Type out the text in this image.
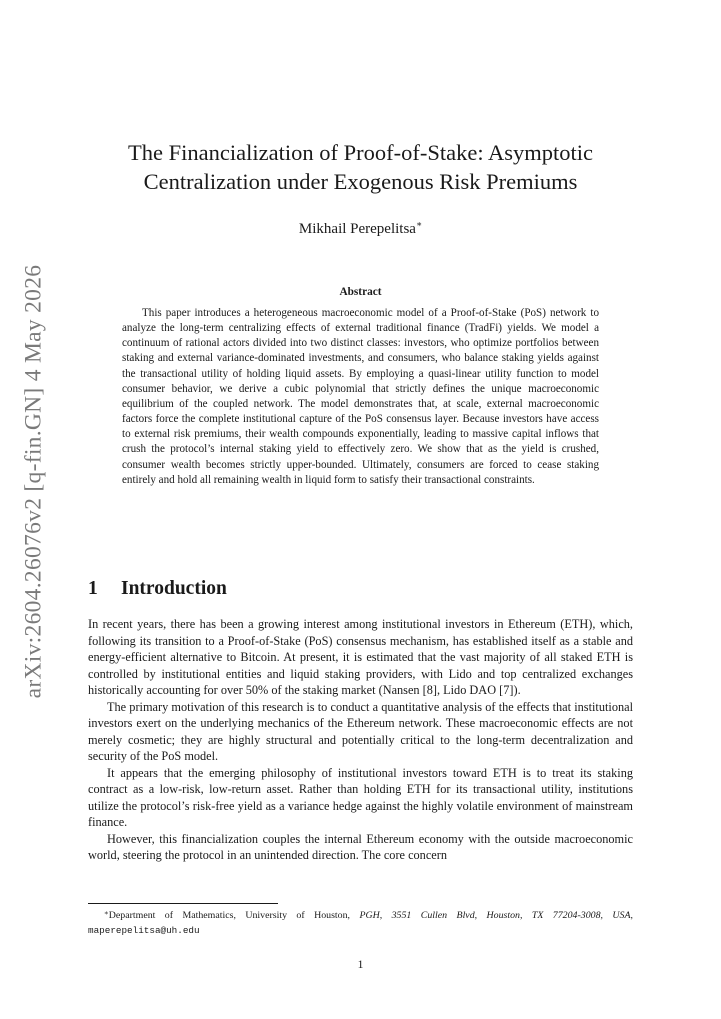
arXiv:2604.26076v2 [q-fin.GN] 4 May 2026
The Financialization of Proof-of-Stake: Asymptotic
Centralization under Exogenous Risk Premiums
Mikhail Perepelitsa∗
Abstract

This paper introduces a heterogeneous macroeconomic model of a Proof-of-Stake (PoS) network to analyze the long-term centralizing effects of external traditional finance (TradFi) yields. We model a continuum of rational actors divided into two distinct classes: investors, who optimize portfolios between staking and external variance-dominated investments, and consumers, who balance staking yields against the transactional utility of holding liquid assets. By employing a quasi-linear utility function to model consumer behavior, we derive a cubic polynomial that strictly defines the unique macroeconomic equilibrium of the coupled network. The model demonstrates that, at scale, external macroeconomic factors force the complete institutional capture of the PoS consensus layer. Because investors have access to external risk premiums, their wealth compounds exponentially, leading to massive capital inflows that crush the protocol’s internal staking yield to effectively zero. We show that as the yield is crushed, consumer wealth becomes strictly upper-bounded. Ultimately, consumers are forced to cease staking entirely and hold all remaining wealth in liquid form to satisfy their transactional constraints.

1 Introduction

In recent years, there has been a growing interest among institutional investors in Ethereum (ETH), which, following its transition to a Proof-of-Stake (PoS) consensus mechanism, has established itself as a stable and energy-efficient alternative to Bitcoin. At present, it is estimated that the vast majority of all staked ETH is controlled by institutional entities and liquid staking providers, with Lido and top centralized exchanges historically accounting for over 50% of the staking market (Nansen [8], Lido DAO [7]).

The primary motivation of this research is to conduct a quantitative analysis of the effects that institutional investors exert on the underlying mechanics of the Ethereum network. These macroeconomic effects are not merely cosmetic; they are highly structural and potentially critical to the long-term decentralization and security of the PoS model.

It appears that the emerging philosophy of institutional investors toward ETH is to treat its staking contract as a low-risk, low-return asset. Rather than holding ETH for its transactional utility, institutions utilize the protocol’s risk-free yield as a variance hedge against the highly volatile environment of mainstream finance.

However, this financialization couples the internal Ethereum economy with the outside macroeconomic world, steering the protocol in an unintended direction. The core concern

∗Department of Mathematics, University of Houston, PGH, 3551 Cullen Blvd, Houston, TX 77204-3008, USA, maperepelitsa@uh.edu
1
